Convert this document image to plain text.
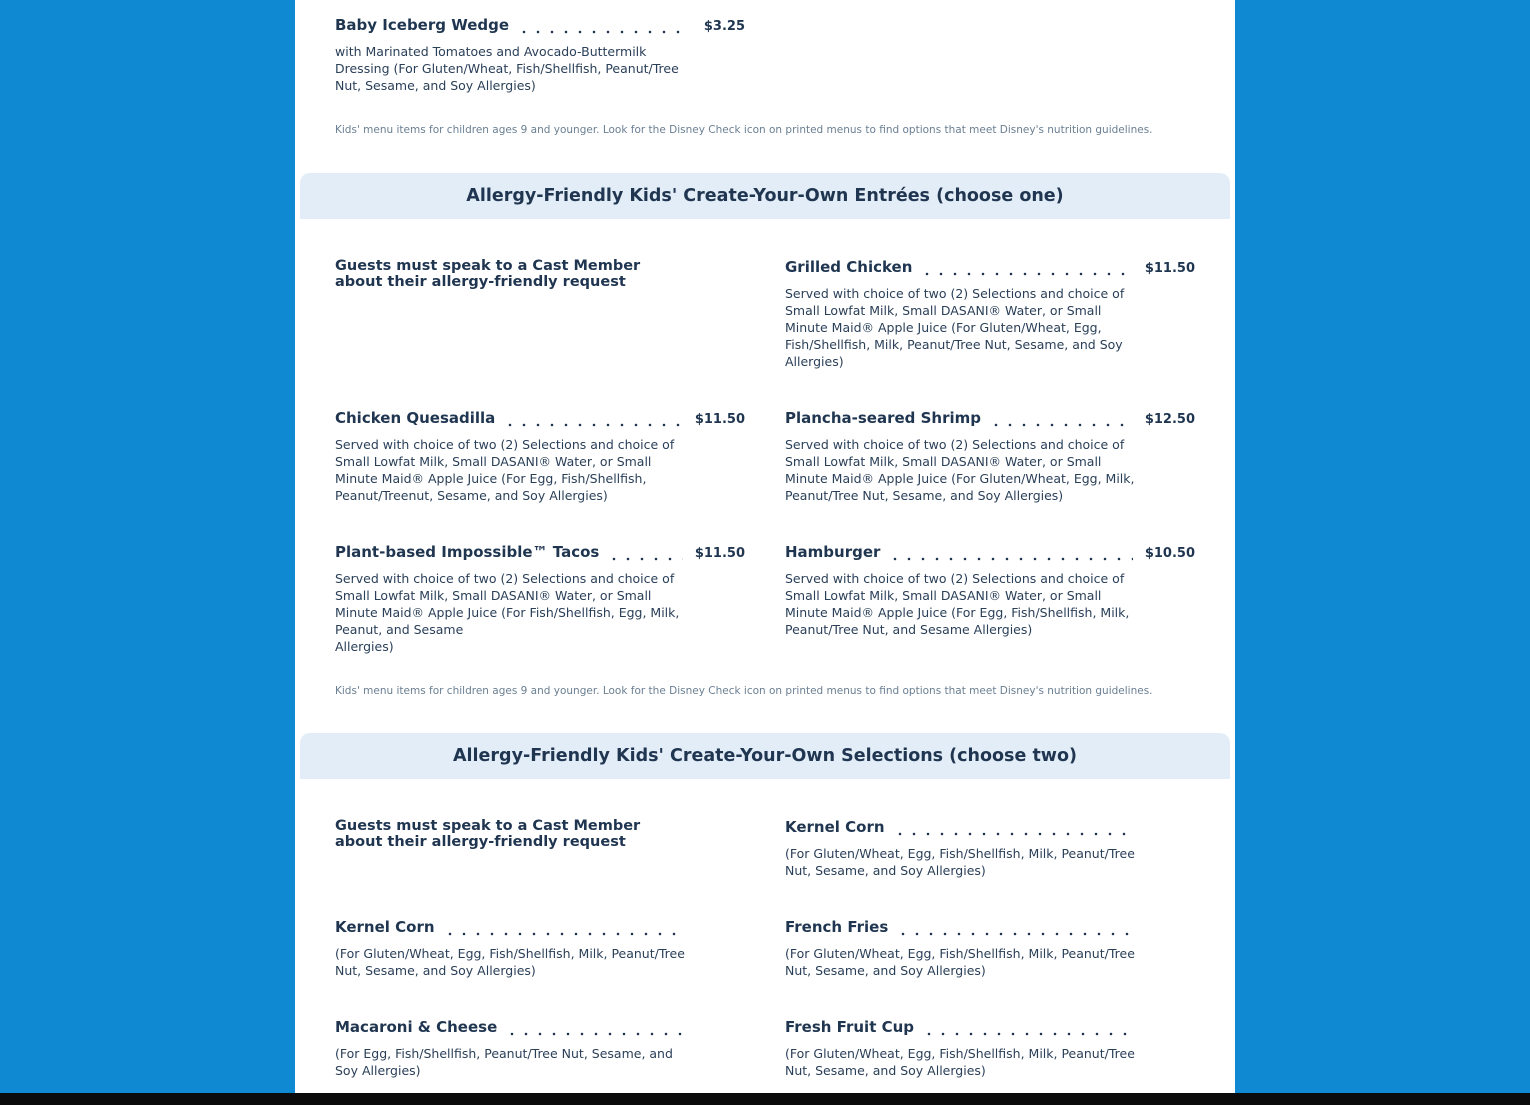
Baby Iceberg Wedge	$3.25
with Marinated Tomatoes and Avocado-Buttermilk Dressing (For Gluten/Wheat, Fish/Shellfish, Peanut/Tree Nut, Sesame, and Soy Allergies)
Kids' menu items for children ages 9 and younger. Look for the Disney Check icon on printed menus to find options that meet Disney's nutrition guidelines.
Allergy-Friendly Kids' Create-Your-Own Entrées (choose one)
Guests must speak to a Cast Member about their allergy-friendly request
Grilled Chicken	$11.50
Served with choice of two (2) Selections and choice of Small Lowfat Milk, Small DASANI® Water, or Small Minute Maid® Apple Juice (For Gluten/Wheat, Egg, Fish/Shellfish, Milk, Peanut/Tree Nut, Sesame, and Soy Allergies)
Chicken Quesadilla	$11.50
Served with choice of two (2) Selections and choice of Small Lowfat Milk, Small DASANI® Water, or Small Minute Maid® Apple Juice (For Egg, Fish/Shellfish, Peanut/Treenut, Sesame, and Soy Allergies)
Plancha-seared Shrimp	$12.50
Served with choice of two (2) Selections and choice of Small Lowfat Milk, Small DASANI® Water, or Small Minute Maid® Apple Juice (For Gluten/Wheat, Egg, Milk, Peanut/Tree Nut, Sesame, and Soy Allergies)
Plant-based Impossible™ Tacos	$11.50
Served with choice of two (2) Selections and choice of Small Lowfat Milk, Small DASANI® Water, or Small Minute Maid® Apple Juice (For Fish/Shellfish, Egg, Milk, Peanut, and Sesame
Allergies)
Hamburger	$10.50
Served with choice of two (2) Selections and choice of Small Lowfat Milk, Small DASANI® Water, or Small Minute Maid® Apple Juice (For Egg, Fish/Shellfish, Milk, Peanut/Tree Nut, and Sesame Allergies)
Kids' menu items for children ages 9 and younger. Look for the Disney Check icon on printed menus to find options that meet Disney's nutrition guidelines.
Allergy-Friendly Kids' Create-Your-Own Selections (choose two)
Guests must speak to a Cast Member about their allergy-friendly request
Kernel Corn
(For Gluten/Wheat, Egg, Fish/Shellfish, Milk, Peanut/Tree Nut, Sesame, and Soy Allergies)
Kernel Corn
(For Gluten/Wheat, Egg, Fish/Shellfish, Milk, Peanut/Tree Nut, Sesame, and Soy Allergies)
French Fries
(For Gluten/Wheat, Egg, Fish/Shellfish, Milk, Peanut/Tree Nut, Sesame, and Soy Allergies)
Macaroni & Cheese
(For Egg, Fish/Shellfish, Peanut/Tree Nut, Sesame, and Soy Allergies)
Fresh Fruit Cup
(For Gluten/Wheat, Egg, Fish/Shellfish, Milk, Peanut/Tree Nut, Sesame, and Soy Allergies)
